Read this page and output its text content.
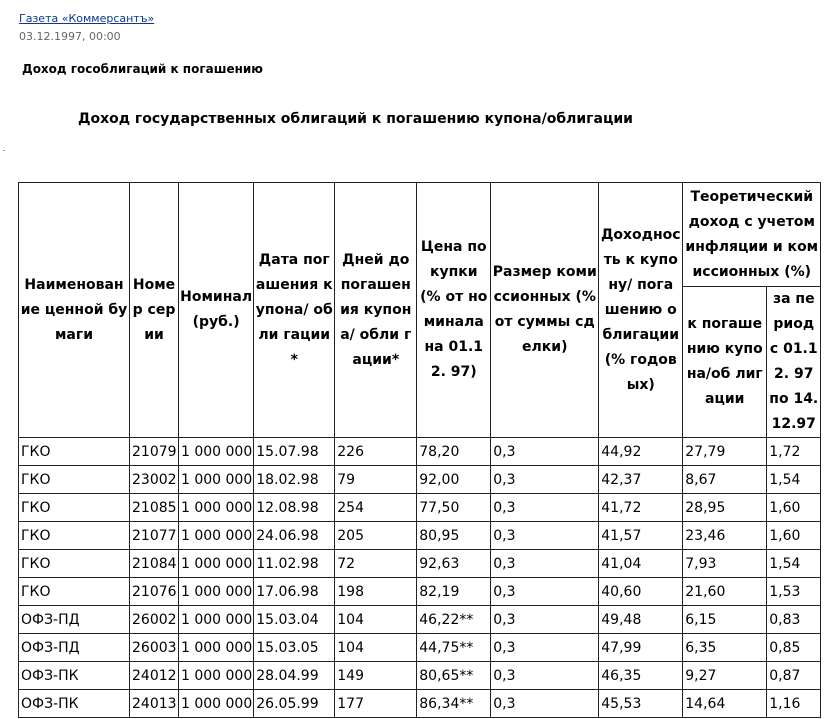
Газета «Коммерсантъ»
03.12.1997, 00:00
Доход гособлигаций к погашению
Доход государственных облигаций к погашению купона/облигации
Наименование ценной бумаги	Номер серии	Номинал (руб.)	Дата погашения купона/ обли гации*	Дней до погашения купона/ обли гации*	Цена покупки (% от номинала на 01.12. 97)	Размер комиссионных (% от суммы сделки)	Доходность к купону/ пога шению облигации (% годовых)	Теоретический доход с учетом инфляции и комиссионных (%)	
								к погашению купона/об лигации	за период с 01.12. 97 по 14. 12.97
ГКО	21079	1 000 000	15.07.98	226	78,20	0,3	44,92	27,79	1,72
ГКО	23002	1 000 000	18.02.98	79	92,00	0,3	42,37	8,67	1,54
ГКО	21085	1 000 000	12.08.98	254	77,50	0,3	41,72	28,95	1,60
ГКО	21077	1 000 000	24.06.98	205	80,95	0,3	41,57	23,46	1,60
ГКО	21084	1 000 000	11.02.98	72	92,63	0,3	41,04	7,93	1,54
ГКО	21076	1 000 000	17.06.98	198	82,19	0,3	40,60	21,60	1,53
ОФЗ-ПД	26002	1 000 000	15.03.04	104	46,22**	0,3	49,48	6,15	0,83
ОФЗ-ПД	26003	1 000 000	15.03.05	104	44,75**	0,3	47,99	6,35	0,85
ОФЗ-ПК	24012	1 000 000	28.04.99	149	80,65**	0,3	46,35	9,27	0,87
ОФЗ-ПК	24013	1 000 000	26.05.99	177	86,34**	0,3	45,53	14,64	1,16
